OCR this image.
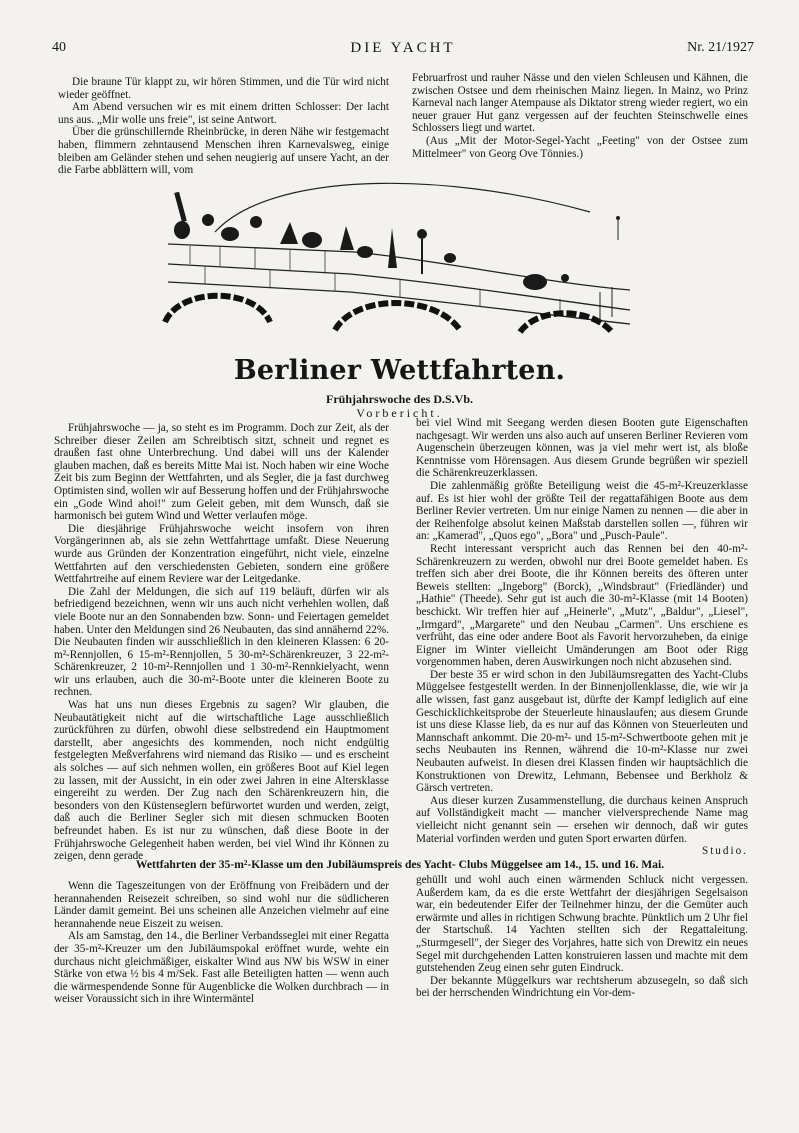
40	DIE YACHT	Nr. 21/1927

Die braune Tür klappt zu, wir hören Stimmen, und die Tür wird nicht wieder geöffnet.

Am Abend versuchen wir es mit einem dritten Schlosser: Der lacht uns aus. „Mir wolle uns freie", ist seine Antwort.

Über die grünschillernde Rheinbrücke, in deren Nähe wir festgemacht haben, flimmern zehntausend Menschen ihren Karnevalsweg, einige bleiben am Geländer stehen und sehen neugierig auf unsere Yacht, an der die Farbe abblättern will, vom

Februarfrost und rauher Nässe und den vielen Schleusen und Kähnen, die zwischen Ostsee und dem rheinischen Mainz liegen. In Mainz, wo Prinz Karneval nach langer Atempause als Diktator streng wieder regiert, wo ein neuer grauer Hut ganz vergessen auf der feuchten Steinschwelle eines Schlossers liegt und wartet.

(Aus „Mit der Motor-Segel-Yacht „Feeting" von der Ostsee zum Mittelmeer" von Georg Ove Tönnies.)

Berliner Wettfahrten.
Frühjahrswoche des D.S.Vb.
Vorbericht.

Frühjahrswoche — ja, so steht es im Programm. Doch zur Zeit, als der Schreiber dieser Zeilen am Schreibtisch sitzt, schneit und regnet es draußen fast ohne Unterbrechung. Und dabei will uns der Kalender glauben machen, daß es bereits Mitte Mai ist. Noch haben wir eine Woche Zeit bis zum Beginn der Wettfahrten, und als Segler, die ja fast durchweg Optimisten sind, wollen wir auf Besserung hoffen und der Frühjahrswoche ein „Gode Wind ahoi!" zum Geleit geben, mit dem Wunsch, daß sie harmonisch bei gutem Wind und Wetter verlaufen möge.

Die diesjährige Frühjahrswoche weicht insofern von ihren Vorgängerinnen ab, als sie zehn Wettfahrttage umfaßt. Diese Neuerung wurde aus Gründen der Konzentration eingeführt, nicht viele, einzelne Wettfahrten auf den verschiedensten Gebieten, sondern eine größere Wettfahrtreihe auf einem Reviere war der Leitgedanke.

Die Zahl der Meldungen, die sich auf 119 beläuft, dürfen wir als befriedigend bezeichnen, wenn wir uns auch nicht verhehlen wollen, daß viele Boote nur an den Sonnabenden bzw. Sonn- und Feiertagen gemeldet haben. Unter den Meldungen sind 26 Neubauten, das sind annähernd 22%. Die Neubauten finden wir ausschließlich in den kleineren Klassen: 6 20-m²-Rennjollen, 6 15-m²-Rennjollen, 5 30-m²-Schärenkreuzer, 3 22-m²-Schärenkreuzer, 2 10-m²-Rennjollen und 1 30-m²-Rennkielyacht, wenn wir uns erlauben, auch die 30-m²-Boote unter die kleineren Boote zu rechnen.

Was hat uns nun dieses Ergebnis zu sagen? Wir glauben, die Neubautätigkeit nicht auf die wirtschaftliche Lage ausschließlich zurückführen zu dürfen, obwohl diese selbstredend ein Hauptmoment darstellt, aber angesichts des kommenden, noch nicht endgültig festgelegten Meßverfahrens wird niemand das Risiko — und es erscheint als solches — auf sich nehmen wollen, ein größeres Boot auf Kiel legen zu lassen, mit der Aussicht, in ein oder zwei Jahren in eine Altersklasse eingereiht zu werden. Der Zug nach den Schärenkreuzern hin, die besonders von den Küstenseglern befürwortet wurden und werden, zeigt, daß auch die Berliner Segler sich mit diesen schmucken Booten befreundet haben. Es ist nur zu wünschen, daß diese Boote in der Frühjahrswoche Gelegenheit haben werden, bei viel Wind ihr Können zu zeigen, denn gerade

bei viel Wind mit Seegang werden diesen Booten gute Eigenschaften nachgesagt. Wir werden uns also auch auf unseren Berliner Revieren vom Augenschein überzeugen können, was ja viel mehr wert ist, als bloße Kenntnisse vom Hörensagen. Aus diesem Grunde begrüßen wir speziell die Schärenkreuzerklassen.

Die zahlenmäßig größte Beteiligung weist die 45-m²-Kreuzerklasse auf. Es ist hier wohl der größte Teil der regattafähigen Boote aus dem Berliner Revier vertreten. Um nur einige Namen zu nennen — die aber in der Reihenfolge absolut keinen Maßstab darstellen sollen —, führen wir an: „Kamerad", „Quos ego", „Bora" und „Pusch-Paule".

Recht interessant verspricht auch das Rennen bei den 40-m²-Schärenkreuzern zu werden, obwohl nur drei Boote gemeldet haben. Es treffen sich aber drei Boote, die ihr Können bereits des öfteren unter Beweis stellten: „Ingeborg" (Borck), „Windsbraut" (Friedländer) und „Hathie" (Theede). Sehr gut ist auch die 30-m²-Klasse (mit 14 Booten) beschickt. Wir treffen hier auf „Heinerle", „Mutz", „Baldur", „Liesel", „Irmgard", „Margarete" und den Neubau „Carmen". Uns erschiene es verfrüht, das eine oder andere Boot als Favorit hervorzuheben, da einige Eigner im Winter vielleicht Umänderungen am Boot oder Rigg vorgenommen haben, deren Auswirkungen noch nicht abzusehen sind.

Der beste 35 er wird schon in den Jubiläumsregatten des Yacht-Clubs Müggelsee festgestellt werden. In der Binnenjollenklasse, die, wie wir ja alle wissen, fast ganz ausgebaut ist, dürfte der Kampf lediglich auf eine Geschicklichkeitsprobe der Steuerleute hinauslaufen; aus diesem Grunde ist uns diese Klasse lieb, da es nur auf das Können von Steuerleuten und Mannschaft ankommt. Die 20-m²- und 15-m²-Schwertboote gehen mit je sechs Neubauten ins Rennen, während die 10-m²-Klasse nur zwei Neubauten aufweist. In diesen drei Klassen finden wir hauptsächlich die Konstruktionen von Drewitz, Lehmann, Bebensee und Berkholz & Gärsch vertreten.

Aus dieser kurzen Zusammenstellung, die durchaus keinen Anspruch auf Vollständigkeit macht — mancher vielversprechende Name mag vielleicht nicht genannt sein — ersehen wir dennoch, daß wir gutes Material vorfinden werden und guten Sport erwarten dürfen.

Studio.
Wettfahrten der 35-m²-Klasse um den Jubiläumspreis des Yacht- Clubs Müggelsee am 14., 15. und 16. Mai.

Wenn die Tageszeitungen von der Eröffnung von Freibädern und der herannahenden Reisezeit schreiben, so sind wohl nur die südlicheren Länder damit gemeint. Bei uns scheinen alle Anzeichen vielmehr auf eine herannahende neue Eiszeit zu weisen.

Als am Samstag, den 14., die Berliner Verbandsseglei mit einer Regatta der 35-m²-Kreuzer um den Jubiläumspokal eröffnet wurde, wehte ein durchaus nicht gleichmäßiger, eiskalter Wind aus NW bis WSW in einer Stärke von etwa ½ bis 4 m/Sek. Fast alle Beteiligten hatten — wenn auch die wärmespendende Sonne für Augenblicke die Wolken durchbrach — in weiser Voraussicht sich in ihre Wintermäntel

gehüllt und wohl auch einen wärmenden Schluck nicht vergessen. Außerdem kam, da es die erste Wettfahrt der diesjährigen Segelsaison war, ein bedeutender Eifer der Teilnehmer hinzu, der die Gemüter auch erwärmte und alles in richtigen Schwung brachte. Pünktlich um 2 Uhr fiel der Startschuß. 14 Yachten stellten sich der Regattaleitung. „Sturmgesell", der Sieger des Vorjahres, hatte sich von Drewitz ein neues Segel mit durchgehenden Latten konstruieren lassen und machte mit dem gutstehenden Zeug einen sehr guten Eindruck.

Der bekannte Müggelkurs war rechtsherum abzusegeln, so daß sich bei der herrschenden Windrichtung ein Vor-dem-
